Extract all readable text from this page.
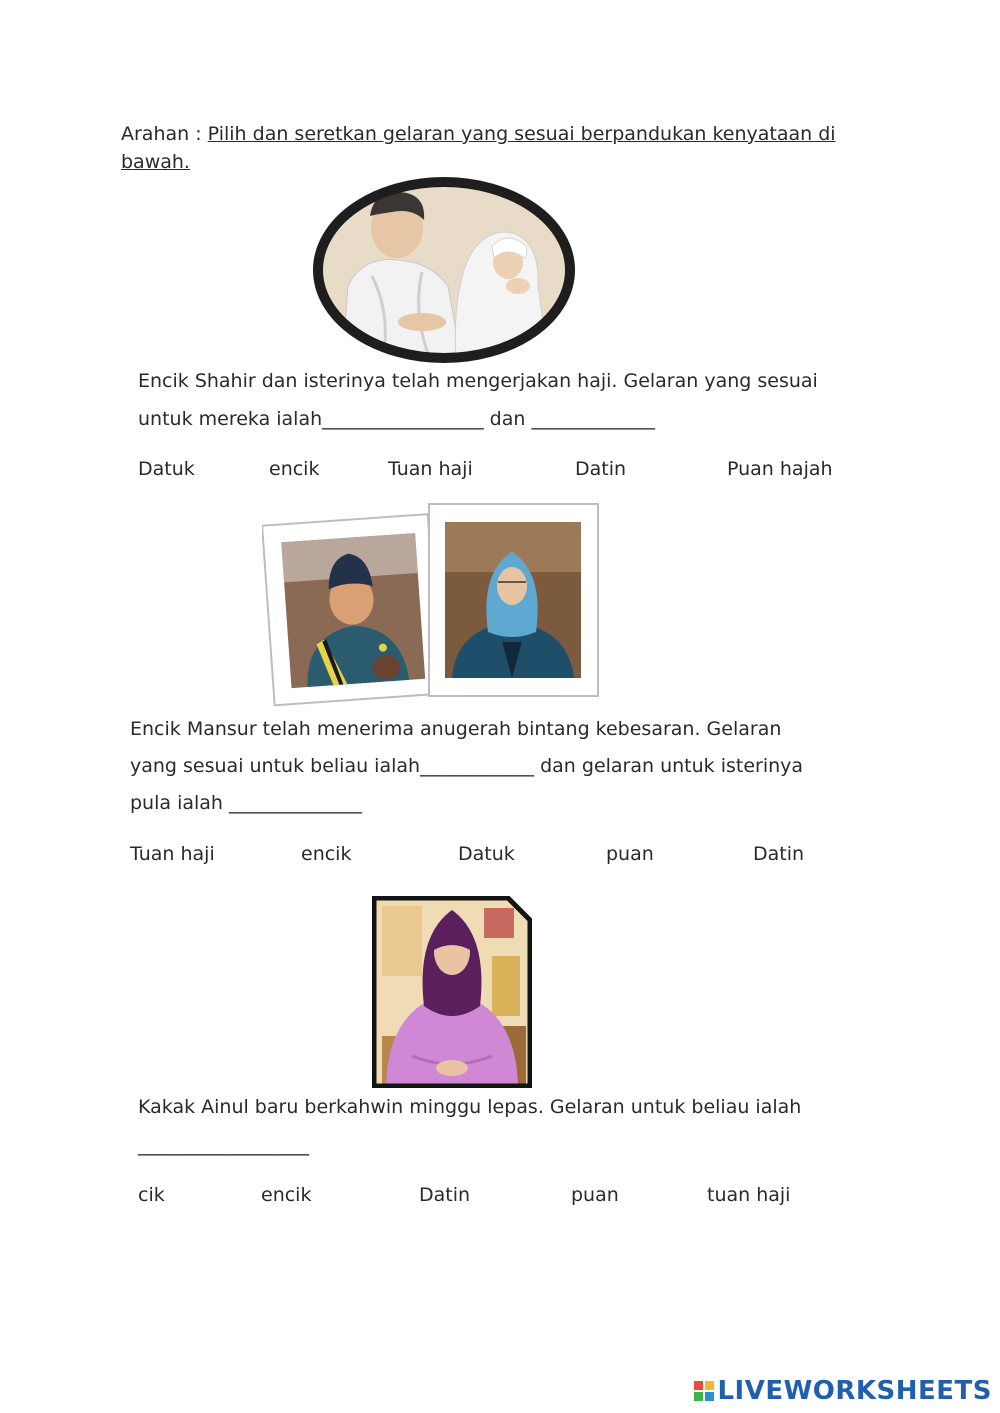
Arahan : Pilih dan seretkan gelaran yang sesuai berpandukan kenyataan di
bawah.
Encik Shahir dan isterinya telah mengerjakan haji. Gelaran yang sesuai
untuk mereka ialah_________________ dan _____________
Datuk	encik	Tuan haji	Datin	Puan hajah
Encik Mansur telah menerima anugerah bintang kebesaran. Gelaran
yang sesuai untuk beliau ialah____________ dan gelaran untuk isterinya
pula ialah ______________
Tuan haji	encik	Datuk	puan	Datin
Kakak Ainul baru berkahwin minggu lepas. Gelaran untuk beliau ialah
__________________
cik	encik	Datin	puan	tuan haji
LIVEWORKSHEETS
